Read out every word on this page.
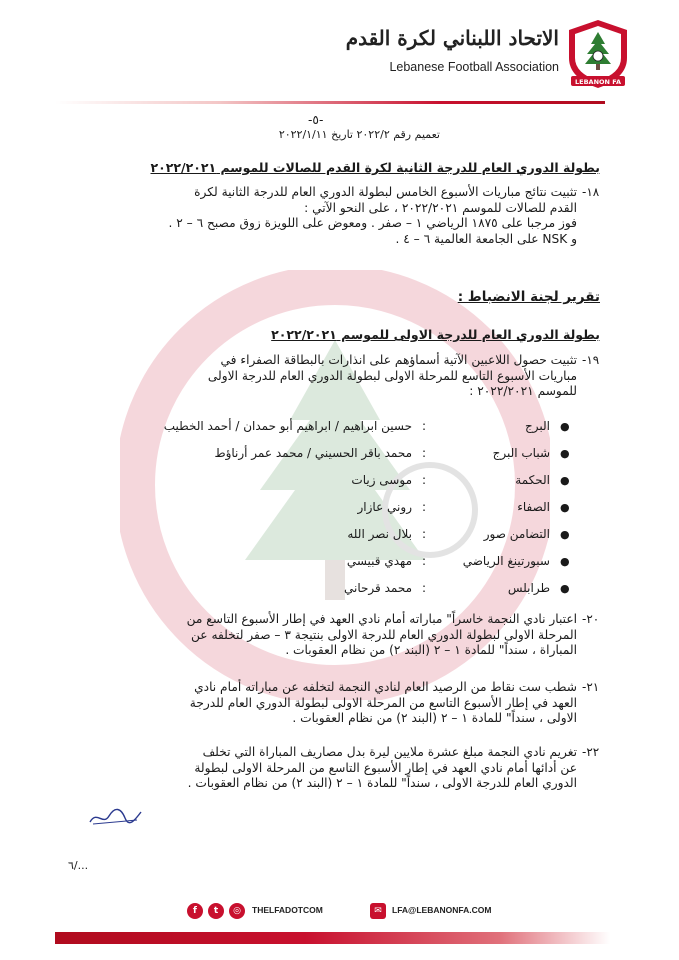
LEBANON FA
الاتحاد اللبناني لكرة القدم
Lebanese Football Association
-٥-
تعميم رقم ٢٠٢٢/٢ تاريخ ٢٠٢٢/١/١١
بطولة الدوري العام للدرجة الثانية لكرة القدم للصالات للموسم ٢٠٢٢/٢٠٢١
-١٨
تثبيت نتائج مباريات الأسبوع الخامس لبطولة الدوري العام للدرجة الثانية لكرة
القدم للصالات للموسم ٢٠٢٢/٢٠٢١ ، على النحو الآتي :
فوز مرجبا على ١٨٧٥ الرياضي ١ – صفر . ومعوض على اللويزة زوق مصبح ٦ – ٢ .
و NSK على الجامعة العالمية ٦ – ٤ .
تقرير لجنة الانضباط :
بطولة الدوري العام للدرجة الاولى للموسم ٢٠٢٢/٢٠٢١
-١٩
تثبيت حصول اللاعبين الآتية أسماؤهم على انذارات بالبطاقة الصفراء في
مباريات الأسبوع التاسع للمرحلة الاولى لبطولة الدوري العام للدرجة الاولى
للموسم ٢٠٢٢/٢٠٢١ :
●
البرج
:
حسين ابراهيم / ابراهيم أبو حمدان / أحمد الخطيب
●
شباب البرج
:
محمد باقر الحسيني / محمد عمر أرناؤط
●
الحكمة
:
موسى زيات
●
الصفاء
:
روني عازار
●
التضامن صور
:
بلال نصر الله
●
سبورتينغ الرياضي
:
مهدي قبيسي
●
طرابلس
:
محمد قرحاني
-٢٠
اعتبار نادي النجمة خاسراً" مباراته أمام نادي العهد في إطار الأسبوع التاسع من
المرحلة الاولى لبطولة الدوري العام للدرجة الاولى بنتيجة ٣ – صفر لتخلفه عن
المباراة ، سنداً" للمادة ١ – ٢ (البند ٢) من نظام العقوبات .
-٢١
شطب ست نقاط من الرصيد العام لنادي النجمة لتخلفه عن مباراته أمام نادي
العهد في إطار الأسبوع التاسع من المرحلة الاولى لبطولة الدوري العام للدرجة
الاولى ، سنداً" للمادة ١ – ٢ (البند ٢) من نظام العقوبات .
-٢٢
تغريم نادي النجمة مبلغ عشرة ملايين ليرة بدل مصاريف المباراة التي تخلف
عن أدائها أمام نادي العهد في إطار الأسبوع التاسع من المرحلة الاولى لبطولة
الدوري العام للدرجة الاولى ، سنداً" للمادة ١ – ٢ (البند ٢) من نظام العقوبات .
٦/...
f	t	◎	THELFADOTCOM	✉	LFA@LEBANONFA.COM
